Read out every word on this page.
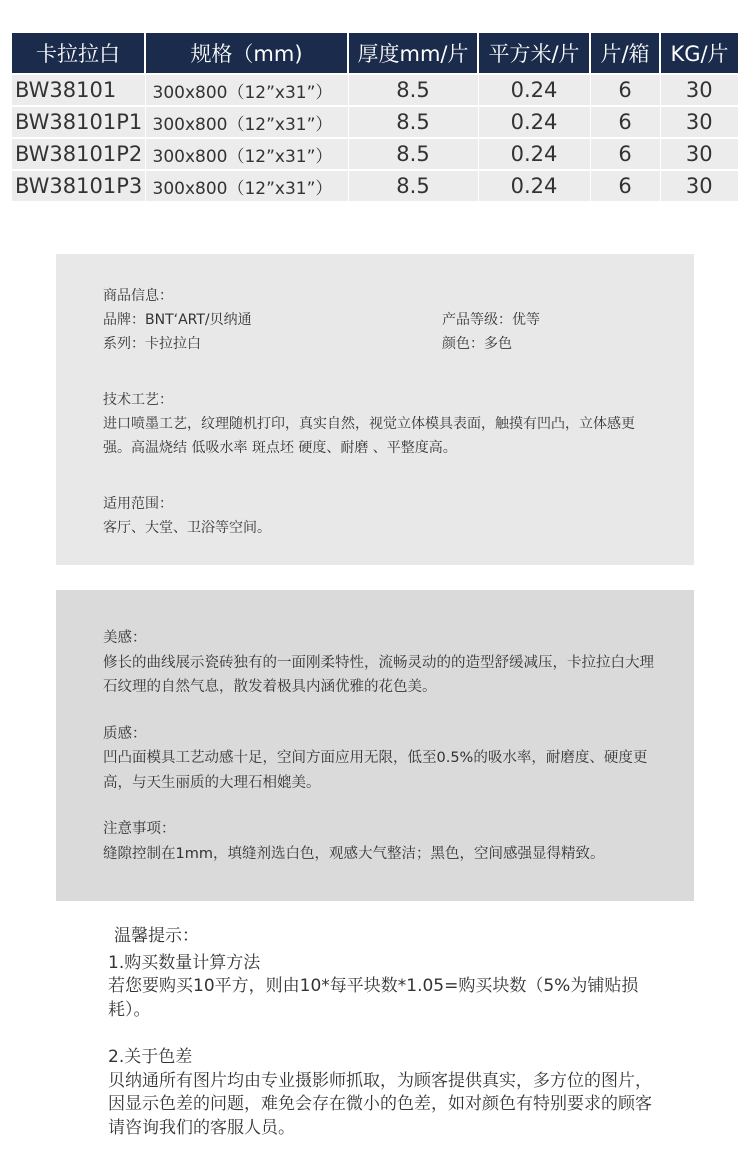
卡拉拉白	规格（mm)	厚度mm/片	平方米/片	片/箱	KG/片
BW38101	300x800（12”x31”）	8.5	0.24	6	30
BW38101P1	300x800（12”x31”）	8.5	0.24	6	30
BW38101P2	300x800（12”x31”）	8.5	0.24	6	30
BW38101P3	300x800（12”x31”）	8.5	0.24	6	30

商品信息：

品牌：BNT‘ART/贝纳通	产品等级：优等
系列：卡拉拉白	颜色：多色

技术工艺：

进口喷墨工艺，纹理随机打印，真实自然，视觉立体模具表面，触摸有凹凸，立体感更强。高温烧结 低吸水率 斑点坯 硬度、耐磨 、平整度高。

适用范围：

客厅、大堂、卫浴等空间。

美感：

修长的曲线展示瓷砖独有的一面刚柔特性，流畅灵动的的造型舒缓减压，卡拉拉白大理石纹理的自然气息，散发着极具内涵优雅的花色美。

质感：

凹凸面模具工艺动感十足，空间方面应用无限，低至0.5%的吸水率，耐磨度、硬度更高，与天生丽质的大理石相媲美。

注意事项：

缝隙控制在1mm，填缝剂选白色，观感大气整洁；黑色，空间感强显得精致。

温馨提示：

1.购买数量计算方法

若您要购买10平方，则由10*每平块数*1.05=购买块数（5%为铺贴损耗）。

2.关于色差

贝纳通所有图片均由专业摄影师抓取，为顾客提供真实，多方位的图片，因显示色差的问题，难免会存在微小的色差，如对颜色有特别要求的顾客请咨询我们的客服人员。
